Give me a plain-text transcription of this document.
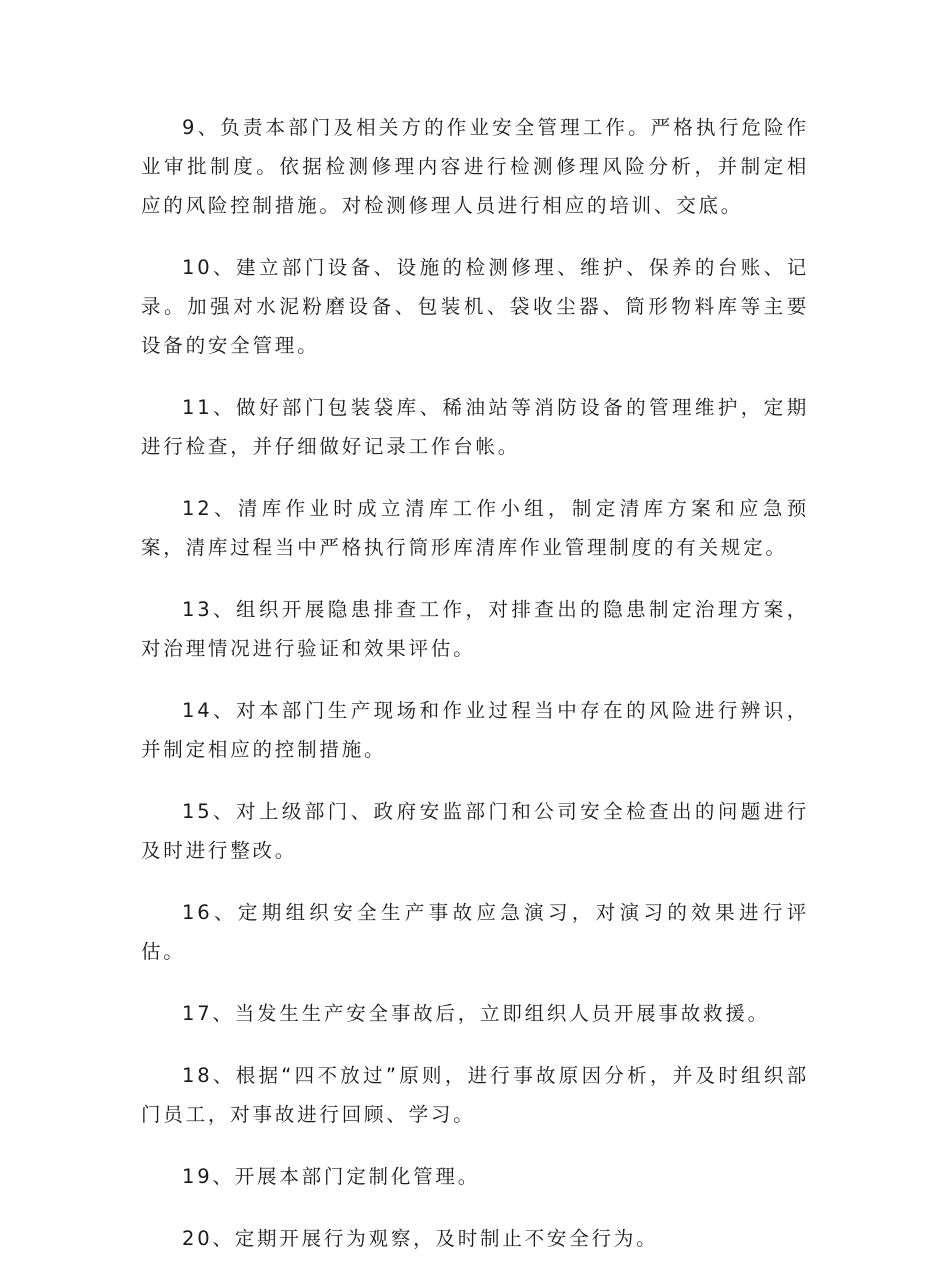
9、负责本部门及相关方的作业安全管理工作。严格执行危险作业审批制度。依据检测修理内容进行检测修理风险分析，并制定相应的风险控制措施。对检测修理人员进行相应的培训、交底。

10、建立部门设备、设施的检测修理、维护、保养的台账、记录。加强对水泥粉磨设备、包装机、袋收尘器、筒形物料库等主要设备的安全管理。

11、做好部门包装袋库、稀油站等消防设备的管理维护，定期进行检查，并仔细做好记录工作台帐。

12、清库作业时成立清库工作小组，制定清库方案和应急预案，清库过程当中严格执行筒形库清库作业管理制度的有关规定。

13、组织开展隐患排查工作，对排查出的隐患制定治理方案，对治理情况进行验证和效果评估。

14、对本部门生产现场和作业过程当中存在的风险进行辨识，并制定相应的控制措施。

15、对上级部门、政府安监部门和公司安全检查出的问题进行及时进行整改。

16、定期组织安全生产事故应急演习，对演习的效果进行评估。

17、当发生生产安全事故后，立即组织人员开展事故救援。

18、根据“四不放过”原则，进行事故原因分析，并及时组织部门员工，对事故进行回顾、学习。

19、开展本部门定制化管理。

20、定期开展行为观察，及时制止不安全行为。
